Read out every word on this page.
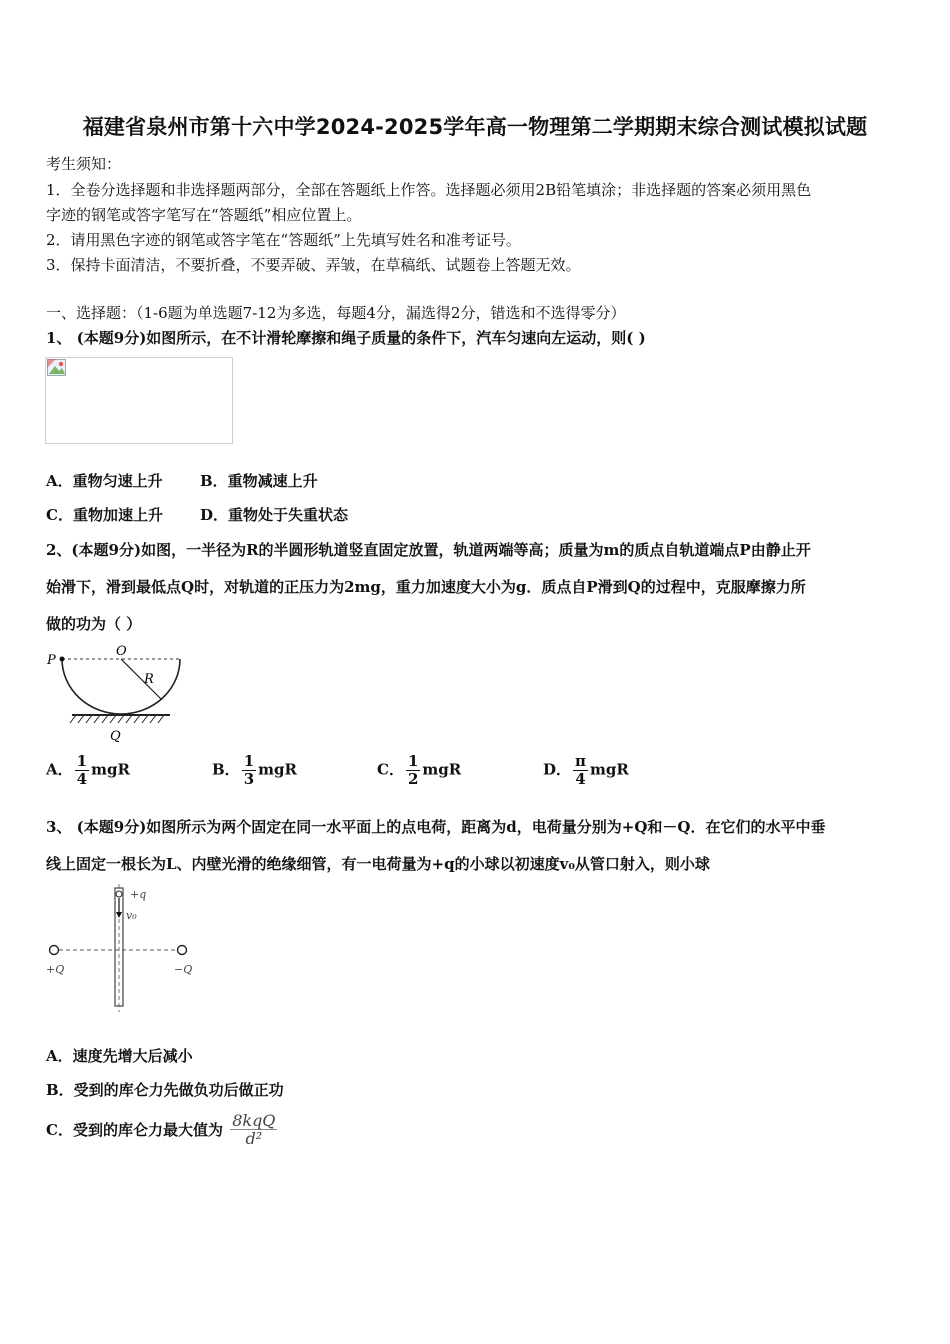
福建省泉州市第十六中学2024-2025学年高一物理第二学期期末综合测试模拟试题
考生须知：
1．全卷分选择题和非选择题两部分，全部在答题纸上作答。选择题必须用2B铅笔填涂；非选择题的答案必须用黑色
字迹的钢笔或答字笔写在“答题纸”相应位置上。
2．请用黑色字迹的钢笔或答字笔在“答题纸”上先填写姓名和准考证号。
3．保持卡面清洁，不要折叠，不要弄破、弄皱，在草稿纸、试题卷上答题无效。
一、选择题：（1-6题为单选题7-12为多选，每题4分，漏选得2分，错选和不选得零分）
1、 (本题9分)如图所示，在不计滑轮摩擦和绳子质量的条件下，汽车匀速向左运动，则( )
A．重物匀速上升 B．重物减速上升
C．重物加速上升 D．重物处于失重状态
2、(本题9分)如图，一半径为R的半圆形轨道竖直固定放置，轨道两端等高；质量为m的质点自轨道端点P由静止开
始滑下，滑到最低点Q时，对轨道的正压力为2mg，重力加速度大小为g．质点自P滑到Q的过程中，克服摩擦力所
做的功为（ ）
P
O
R
Q
A． $\frac{1}{4}$ mgR	B． $\frac{1}{3}$ mgR	C． $\frac{1}{2}$ mgR	D． $\frac{\pi}{4}$ mgR
3、 (本题9分)如图所示为两个固定在同一水平面上的点电荷，距离为d，电荷量分别为+Q和－Q．在它们的水平中垂
线上固定一根长为L、内壁光滑的绝缘细管，有一电荷量为+q的小球以初速度v₀从管口射入，则小球
+q
v₀
+Q	−Q
A．速度先增大后减小
B．受到的库仑力先做负功后做正功
C．受到的库仑力最大值为 $\frac{\text{8kqQ}}{\text{d²}}$
